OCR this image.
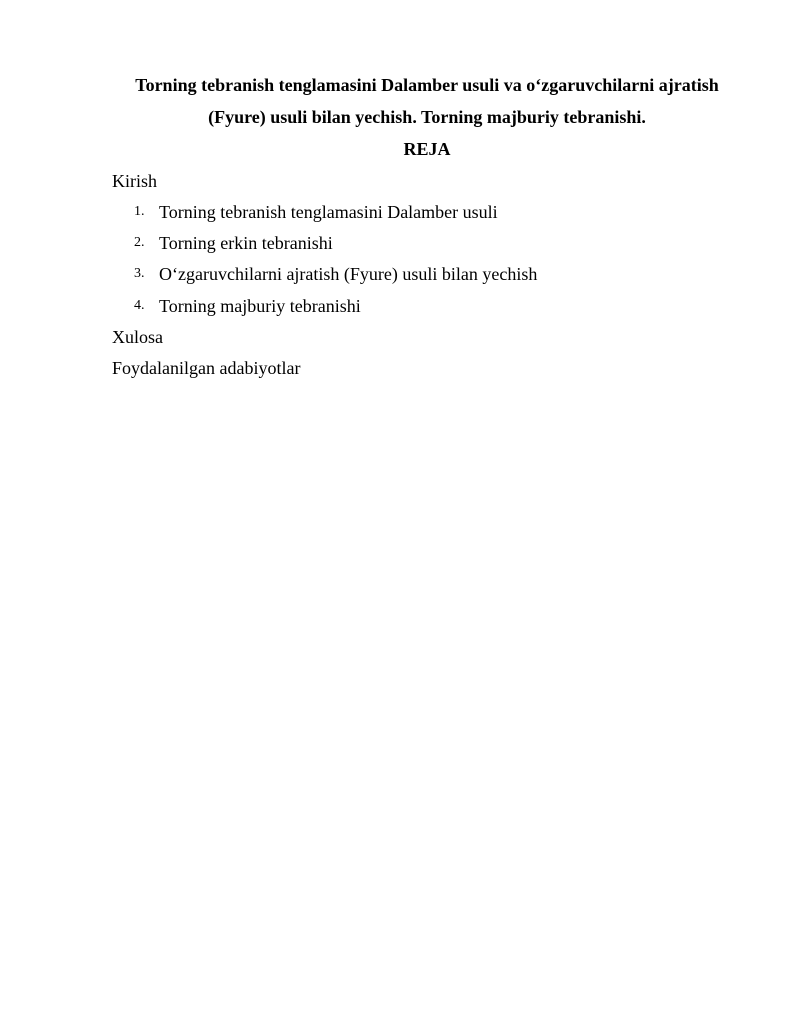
Torning tebranish tenglamasini Dalamber usuli va o‘zgaruvchilarni ajratish
(Fyure) usuli bilan yechish. Torning majburiy tebranishi.
REJA
Kirish
1. Torning tebranish tenglamasini Dalamber usuli
2. Torning erkin tebranishi
3. O‘zgaruvchilarni ajratish (Fyure) usuli bilan yechish
4. Torning majburiy tebranishi
Xulosa
Foydalanilgan adabiyotlar
